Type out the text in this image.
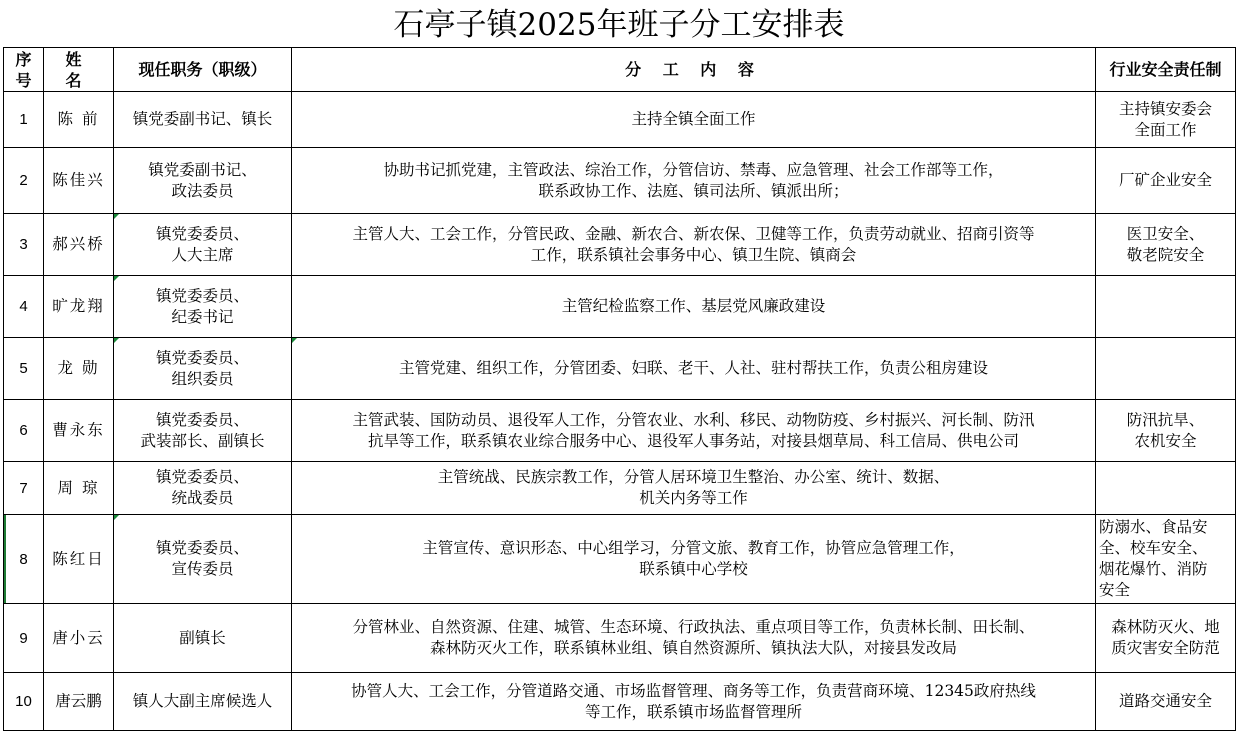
石亭子镇2025年班子分工安排表
序号	姓 名	现任职务（职级）	分 工 内 容	行业安全责任制
1	陈 前	镇党委副书记、镇长	主持全镇全面工作	主持镇安委会
全面工作

2	陈佳兴	镇党委副书记、
政法委员	协助书记抓党建，主管政法、综治工作，分管信访、禁毒、应急管理、社会工作部等工作，
联系政协工作、法庭、镇司法所、镇派出所；	厂矿企业安全

3	郝兴桥	镇党委委员、
人大主席	主管人大、工会工作，分管民政、金融、新农合、新农保、卫健等工作，负责劳动就业、招商引资等
工作，联系镇社会事务中心、镇卫生院、镇商会	医卫安全、
敬老院安全

4	旷龙翔	镇党委委员、
纪委书记	主管纪检监察工作、基层党风廉政建设	

5	龙 勋	镇党委委员、
组织委员	主管党建、组织工作，分管团委、妇联、老干、人社、驻村帮扶工作，负责公租房建设	

6	曹永东	镇党委委员、
武装部长、副镇长	主管武装、国防动员、退役军人工作，分管农业、水利、移民、动物防疫、乡村振兴、河长制、防汛
抗旱等工作，联系镇农业综合服务中心、退役军人事务站，对接县烟草局、科工信局、供电公司	防汛抗旱、
农机安全

7	周 琼	镇党委委员、
统战委员	主管统战、民族宗教工作，分管人居环境卫生整治、办公室、统计、数据、
机关内务等工作	

8	陈红日	镇党委委员、
宣传委员	主管宣传、意识形态、中心组学习，分管文旅、教育工作，协管应急管理工作，
联系镇中心学校	防溺水、食品安
全、校车安全、
烟花爆竹、消防
安全

9	唐小云	副镇长	分管林业、自然资源、住建、城管、生态环境、行政执法、重点项目等工作，负责林长制、田长制、
森林防灭火工作，联系镇林业组、镇自然资源所、镇执法大队，对接县发改局	森林防灭火、地
质灾害安全防范

10	唐云鹏	镇人大副主席候选人	协管人大、工会工作，分管道路交通、市场监督管理、商务等工作，负责营商环境、12345政府热线
等工作，联系镇市场监督管理所	道路交通安全
